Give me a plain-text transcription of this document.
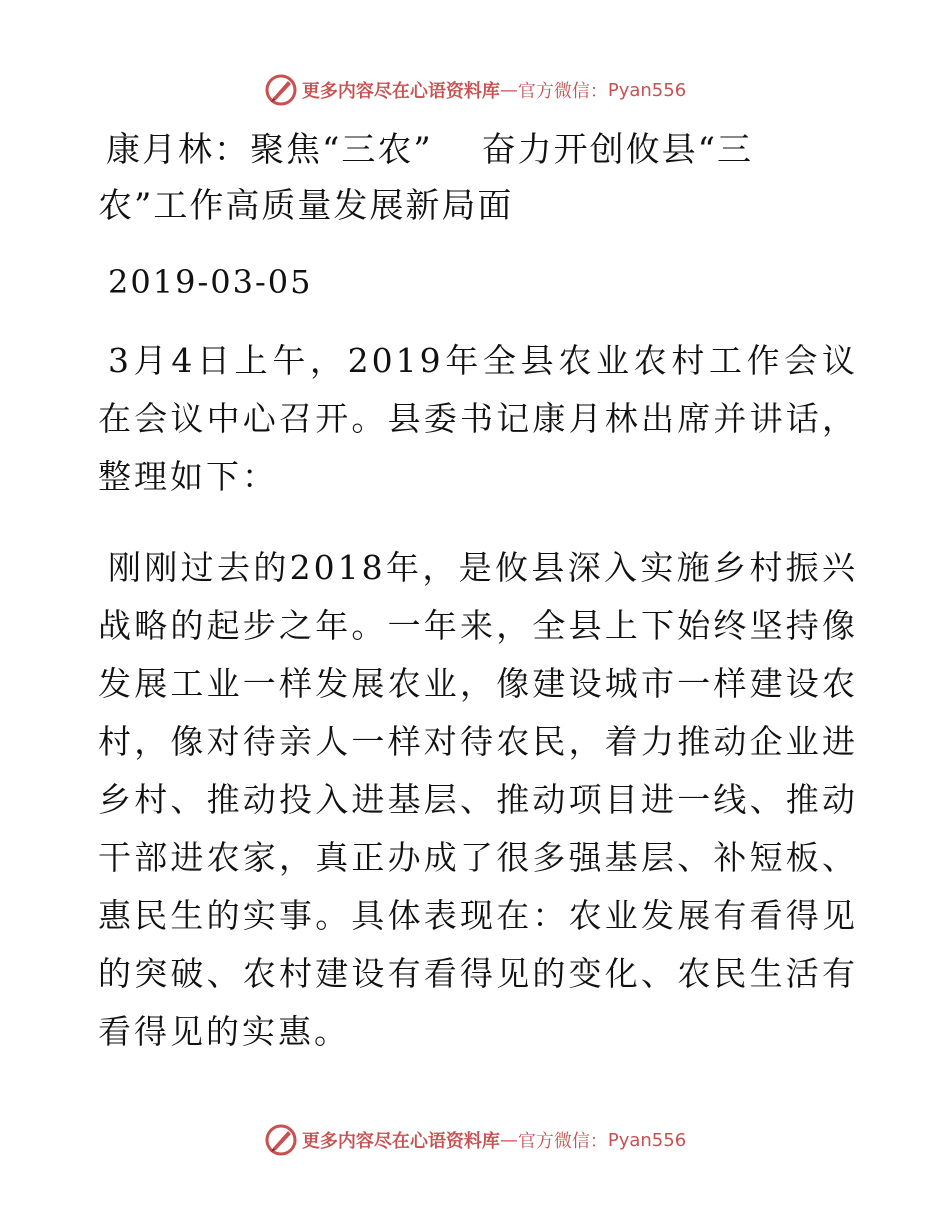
更多内容尽在心语资料库 — 官方微信： Pyan556
康月林：聚焦“三农”　 奋力开创攸县“三
农”工作高质量发展新局面
2019-03-05

3月4日上午，2019年全县农业农村工作会议在会议中心召开。县委书记康月林出席并讲话，整理如下：

刚刚过去的2018年，是攸县深入实施乡村振兴战略的起步之年。一年来，全县上下始终坚持像发展工业一样发展农业，像建设城市一样建设农村，像对待亲人一样对待农民，着力推动企业进乡村、推动投入进基层、推动项目进一线、推动干部进农家，真正办成了很多强基层、补短板、惠民生的实事。具体表现在：农业发展有看得见的突破、农村建设有看得见的变化、农民生活有看得见的实惠。

更多内容尽在心语资料库 — 官方微信： Pyan556
